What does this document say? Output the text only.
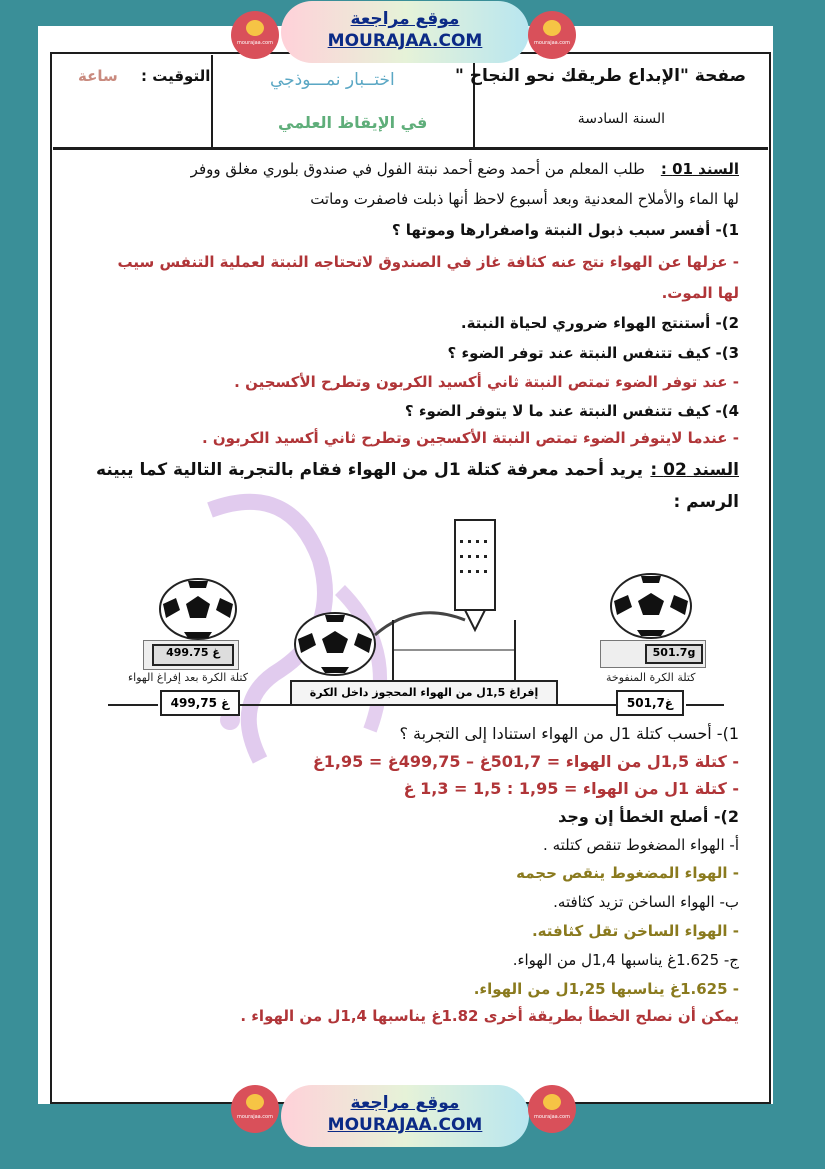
صفحة "الإبداع طريقك نحو النجاح "
السنة السادسة
اختــبار نمـــوذجي
في الإيقاظ العلمي
التوقيت :
ساعة
السند 01 :
طلب المعلم من أحمد وضع أحمد نبتة الفول في صندوق بلوري مغلق ووفر
لها الماء والأملاح المعدنية وبعد أسبوع لاحظ أنها ذبلت فاصفرت وماتت
1)- أفسر سبب ذبول النبتة واصفرارها وموتها ؟
- عزلها عن الهواء نتج عنه كثافة غاز في الصندوق لاتحتاجه النبتة لعملية التنفس سيب
لها الموت.
2)- أستنتج الهواء ضروري لحياة النبتة.
3)- كيف تتنفس النبتة عند توفر الضوء ؟
- عند توفر الضوء تمتص النبتة ثاني أكسيد الكربون وتطرح الأكسجين .
4)- كيف تتنفس النبتة عند ما لا يتوفر الضوء ؟
- عندما لايتوفر الضوء تمتص النبتة الأكسجين وتطرح ثاني أكسيد الكربون .
السند 02 :
يريد أحمد معرفة كتلة 1ل من الهواء فقام بالتجربة التالية كما يبينه
الرسم :
499.75 غ
كتلة الكرة بعد إفراغ الهواء
499,75 غ
إفراغ 1,5ل من الهواء المحجوز داخل الكرة
501.7g
كتلة الكرة المنفوخة
501,7غ
1)- أحسب كتلة 1ل من الهواء استنادا إلى التجربة ؟
- كتلة 1,5ل من الهواء = 501,7غ – 499,75غ = 1,95غ
- كتلة 1ل من الهواء = 1,95 : 1,5 = 1,3 غ
2)- أصلح الخطأ إن وجد
أ- الهواء المضغوط تنقص كتلته .
- الهواء المضغوط ينقص حجمه
ب- الهواء الساخن تزيد كثافته.
- الهواء الساخن تقل كثافته.
ج- 1.625غ يناسبها 1,4ل من الهواء.
- 1.625غ يناسبها 1,25ل من الهواء.
يمكن أن نصلح الخطأ بطريقة أخرى 1.82غ يناسبها 1,4ل من الهواء .
mourajaa.com
موقع مراجعة
MOURAJAA.COM	mourajaa.com
mourajaa.com
موقع مراجعة
MOURAJAA.COM	mourajaa.com
